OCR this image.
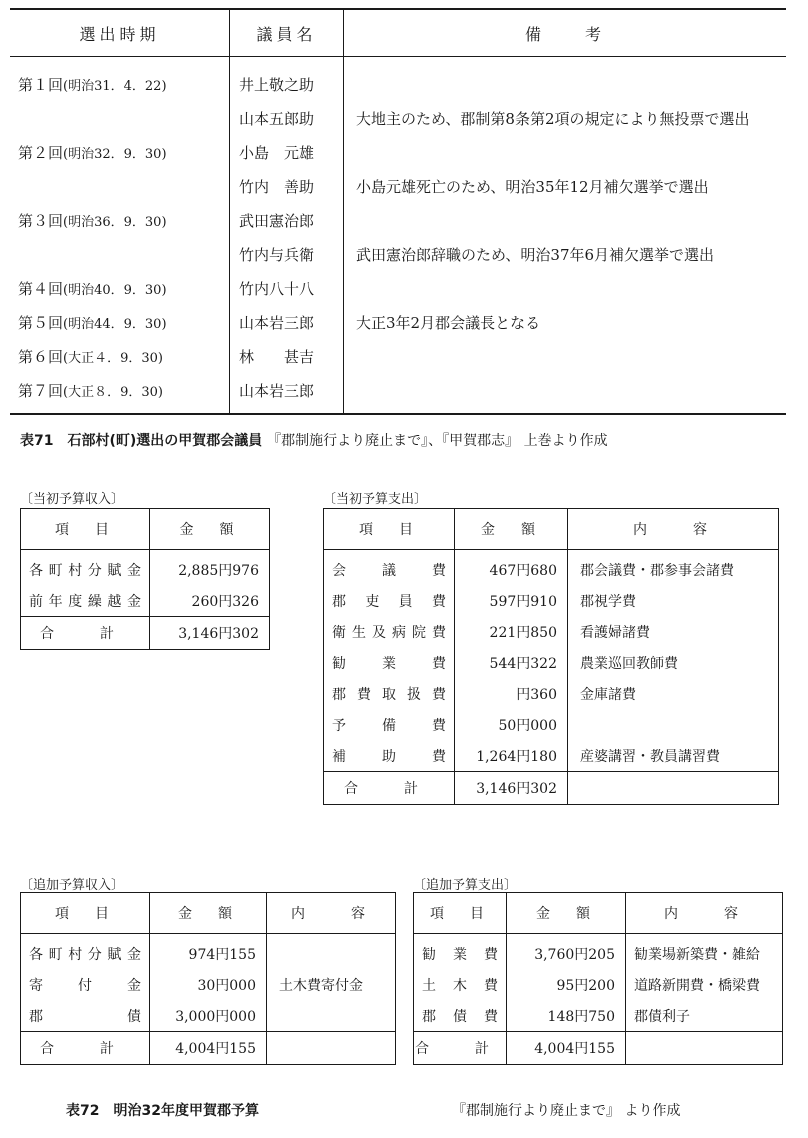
選出時期	議員名	備　　考
第１回(明治31．4．22)	井上敬之助	
	山本五郎助	大地主のため、郡制第8条第2項の規定により無投票で選出
第２回(明治32．9．30)	小島　元雄	
	竹内　善助	小島元雄死亡のため、明治35年12月補欠選挙で選出
第３回(明治36．9．30)	武田憲治郎	
	竹内与兵衛	武田憲治郎辞職のため、明治37年6月補欠選挙で選出
第４回(明治40．9．30)	竹内八十八	
第５回(明治44．9．30)	山本岩三郎	大正3年2月郡会議長となる
第６回(大正４．9．30)	林　　甚吉	
第７回(大正８．9．30)	山本岩三郎	
表71　石部村(町)選出の甲賀郡会議員 『郡制施行より廃止まで』、『甲賀郡志』 上巻より作成
〔当初予算収入〕
項　目	金　額
各町村分賦金	2,885円976
前年度繰越金	260円326
合　計	3,146円302
〔当初予算支出〕
項　目	金　額	内　　容
会議費	467円680	郡会議費・郡参事会諸費
郡吏員費	597円910	郡視学費
衛生及病院費	221円850	看護婦諸費
勧業費	544円322	農業巡回教師費
郡費取扱費	円360	金庫諸費
予備費	50円000	
補助費	1,264円180	産婆講習・教員講習費
合　計	3,146円302	
〔追加予算収入〕
項　目	金　額	内　　容
各町村分賦金	974円155	
寄付金	30円000	土木費寄付金
郡債	3,000円000	
合　計	4,004円155	
〔追加予算支出〕
項　目	金　額	内　　容
勧業費	3,760円205	勧業場新築費・雑給
土木費	95円200	道路新開費・橋梁費
郡債費	148円750	郡債利子
合　計	4,004円155	
表72　明治32年度甲賀郡予算	『郡制施行より廃止まで』 より作成
